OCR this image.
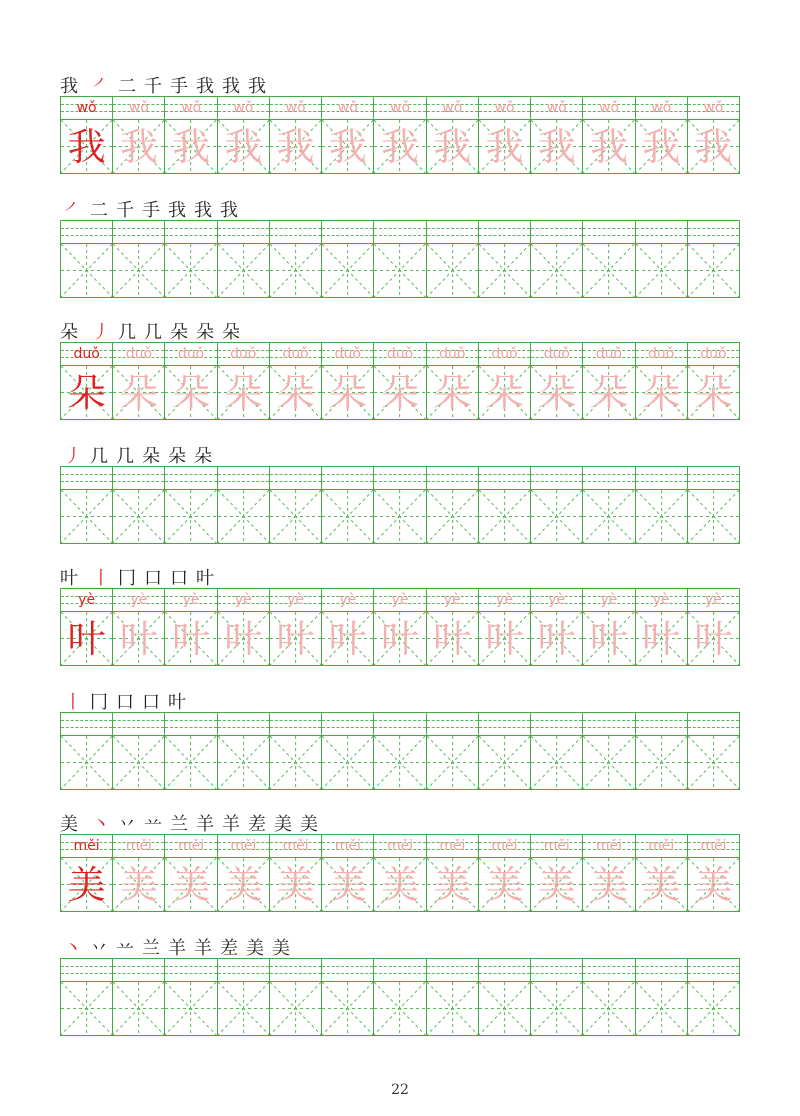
我 ㇒ 二 千 手 我 我 我
wǒ
我
wǒ
我
wǒ
我
wǒ
我
wǒ
我
wǒ
我
wǒ
我
wǒ
我
wǒ
我
wǒ
我
wǒ
我
wǒ
我
wǒ
我
㇒ 二 千 手 我 我 我
朵 丿 几 几 朵 朵 朵
duǒ
朵
duǒ
朵
duǒ
朵
duǒ
朵
duǒ
朵
duǒ
朵
duǒ
朵
duǒ
朵
duǒ
朵
duǒ
朵
duǒ
朵
duǒ
朵
duǒ
朵
丿 几 几 朵 朵 朵
叶 丨 冂 口 口 叶
yè
叶
yè
叶
yè
叶
yè
叶
yè
叶
yè
叶
yè
叶
yè
叶
yè
叶
yè
叶
yè
叶
yè
叶
yè
叶
丨 冂 口 口 叶
美 丶 丷 䒑 兰 羊 羊 差 美 美
měi
美
měi
美
měi
美
měi
美
měi
美
měi
美
měi
美
měi
美
měi
美
měi
美
měi
美
měi
美
měi
美
丶 丷 䒑 兰 羊 羊 差 美 美
22
